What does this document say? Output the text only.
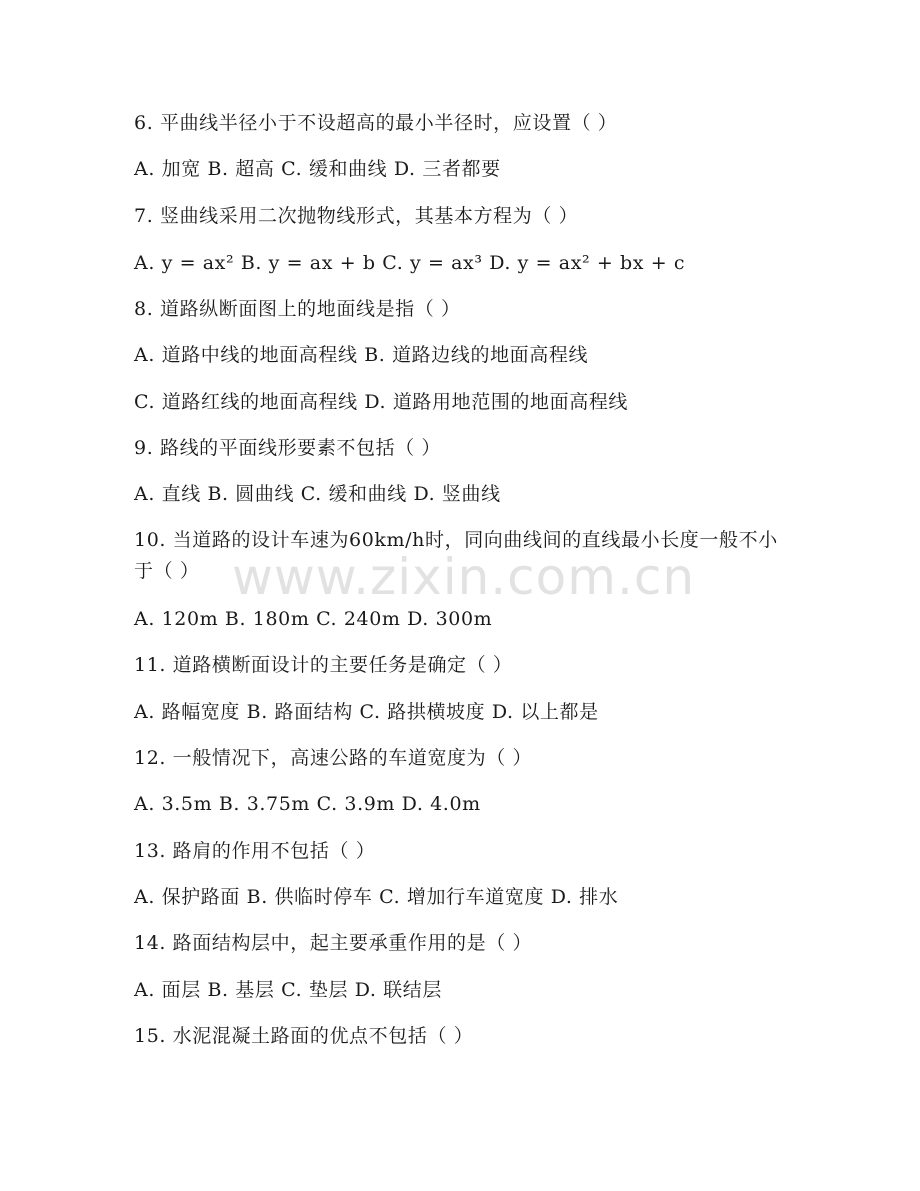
www.zixin.com.cn
6. 平曲线半径小于不设超高的最小半径时，应设置（ ）
A. 加宽 B. 超高 C. 缓和曲线 D. 三者都要
7. 竖曲线采用二次抛物线形式，其基本方程为（ ）
A. y = ax² B. y = ax + b C. y = ax³ D. y = ax² + bx + c
8. 道路纵断面图上的地面线是指（ ）
A. 道路中线的地面高程线 B. 道路边线的地面高程线
C. 道路红线的地面高程线 D. 道路用地范围的地面高程线
9. 路线的平面线形要素不包括（ ）
A. 直线 B. 圆曲线 C. 缓和曲线 D. 竖曲线
10. 当道路的设计车速为60km/h时，同向曲线间的直线最小长度一般不小于（ ）
A. 120m B. 180m C. 240m D. 300m
11. 道路横断面设计的主要任务是确定（ ）
A. 路幅宽度 B. 路面结构 C. 路拱横坡度 D. 以上都是
12. 一般情况下，高速公路的车道宽度为（ ）
A. 3.5m B. 3.75m C. 3.9m D. 4.0m
13. 路肩的作用不包括（ ）
A. 保护路面 B. 供临时停车 C. 增加行车道宽度 D. 排水
14. 路面结构层中，起主要承重作用的是（ ）
A. 面层 B. 基层 C. 垫层 D. 联结层
15. 水泥混凝土路面的优点不包括（ ）
